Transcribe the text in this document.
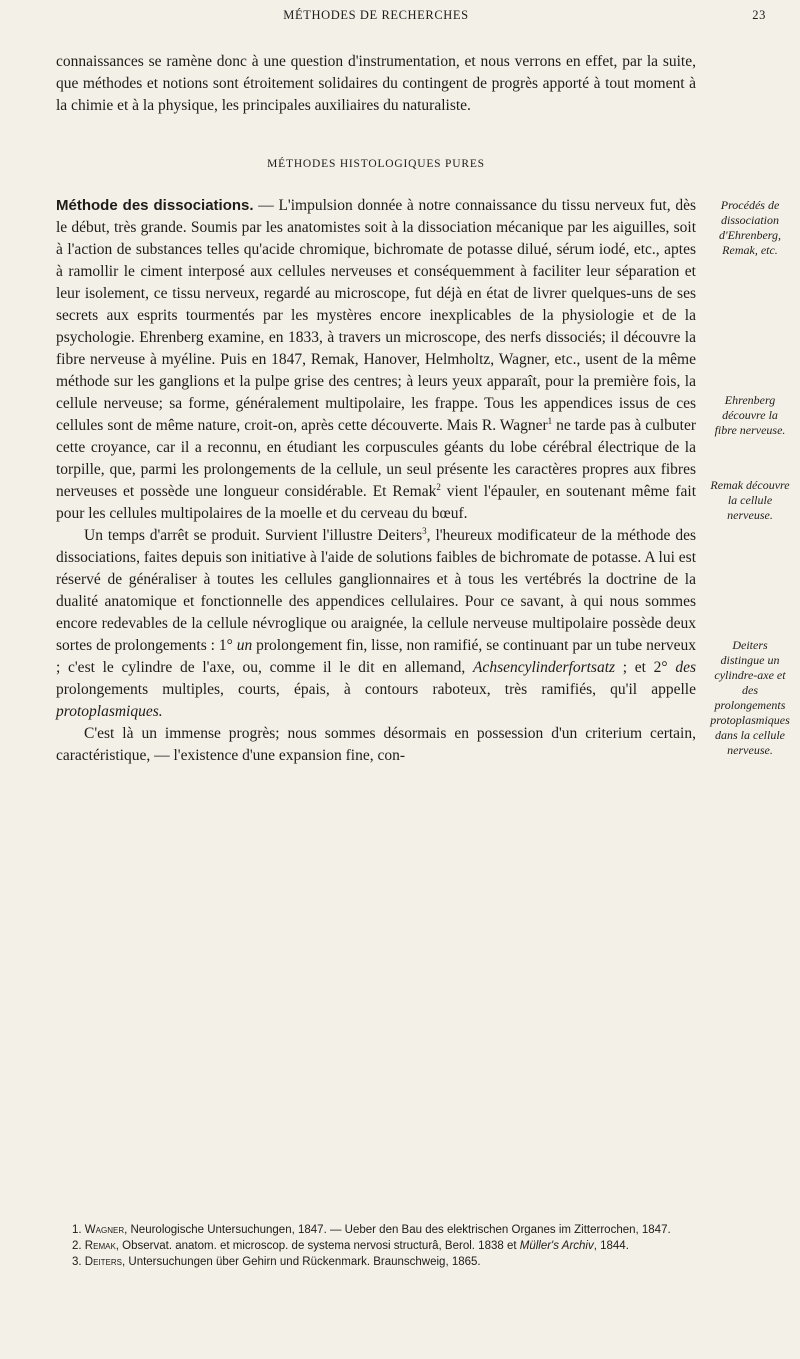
MÉTHODES DE RECHERCHES	23
connaissances se ramène donc à une question d'instrumentation, et nous verrons en effet, par la suite, que méthodes et notions sont étroitement solidaires du contingent de progrès apporté à tout moment à la chimie et à la physique, les principales auxiliaires du naturaliste.
MÉTHODES HISTOLOGIQUES PURES

Méthode des dissociations. — L'impulsion donnée à notre connaissance du tissu nerveux fut, dès le début, très grande. Soumis par les anatomistes soit à la dissociation mécanique par les aiguilles, soit à l'action de substances telles qu'acide chromique, bichromate de potasse dilué, sérum iodé, etc., aptes à ramollir le ciment interposé aux cellules nerveuses et conséquemment à faciliter leur séparation et leur isolement, ce tissu nerveux, regardé au microscope, fut déjà en état de livrer quelques-uns de ses secrets aux esprits tourmentés par les mystères encore inexplicables de la physiologie et de la psychologie. Ehrenberg examine, en 1833, à travers un microscope, des nerfs dissociés; il découvre la fibre nerveuse à myéline. Puis en 1847, Remak, Hanover, Helmholtz, Wagner, etc., usent de la même méthode sur les ganglions et la pulpe grise des centres; à leurs yeux apparaît, pour la première fois, la cellule nerveuse; sa forme, généralement multipolaire, les frappe. Tous les appendices issus de ces cellules sont de même nature, croit-on, après cette découverte. Mais R. Wagner$^1$ ne tarde pas à culbuter cette croyance, car il a reconnu, en étudiant les corpuscules géants du lobe cérébral électrique de la torpille, que, parmi les prolongements de la cellule, un seul présente les caractères propres aux fibres nerveuses et possède une longueur considérable. Et Remak$^2$ vient l'épauler, en soutenant même fait pour les cellules multipolaires de la moelle et du cerveau du bœuf.

Un temps d'arrêt se produit. Survient l'illustre Deiters$^3$, l'heureux modificateur de la méthode des dissociations, faites depuis son initiative à l'aide de solutions faibles de bichromate de potasse. A lui est réservé de généraliser à toutes les cellules ganglionnaires et à tous les vertébrés la doctrine de la dualité anatomique et fonctionnelle des appendices cellulaires. Pour ce savant, à qui nous sommes encore redevables de la cellule névroglique ou araignée, la cellule nerveuse multipolaire possède deux sortes de prolongements : 1° un prolongement fin, lisse, non ramifié, se continuant par un tube nerveux ; c'est le cylindre de l'axe, ou, comme il le dit en allemand, Achsencylinderfortsatz ; et 2° des prolongements multiples, courts, épais, à contours raboteux, très ramifiés, qu'il appelle protoplasmiques.

C'est là un immense progrès; nous sommes désormais en possession d'un criterium certain, caractéristique, — l'existence d'une expansion fine, con-

Procédés de dissociation d'Ehrenberg, Remak, etc.
Ehrenberg découvre la fibre nerveuse.
Remak découvre la cellule nerveuse.
Deiters distingue un cylindre-axe et des prolongements protoplasmiques dans la cellule nerveuse.

1. Wagner, Neurologische Untersuchungen, 1847. — Ueber den Bau des elektrischen Organes im Zitterrochen, 1847.

2. Remak, Observat. anatom. et microscop. de systema nervosi structurâ, Berol. 1838 et Müller's Archiv, 1844.

3. Deiters, Untersuchungen über Gehirn und Rückenmark. Braunschweig, 1865.
